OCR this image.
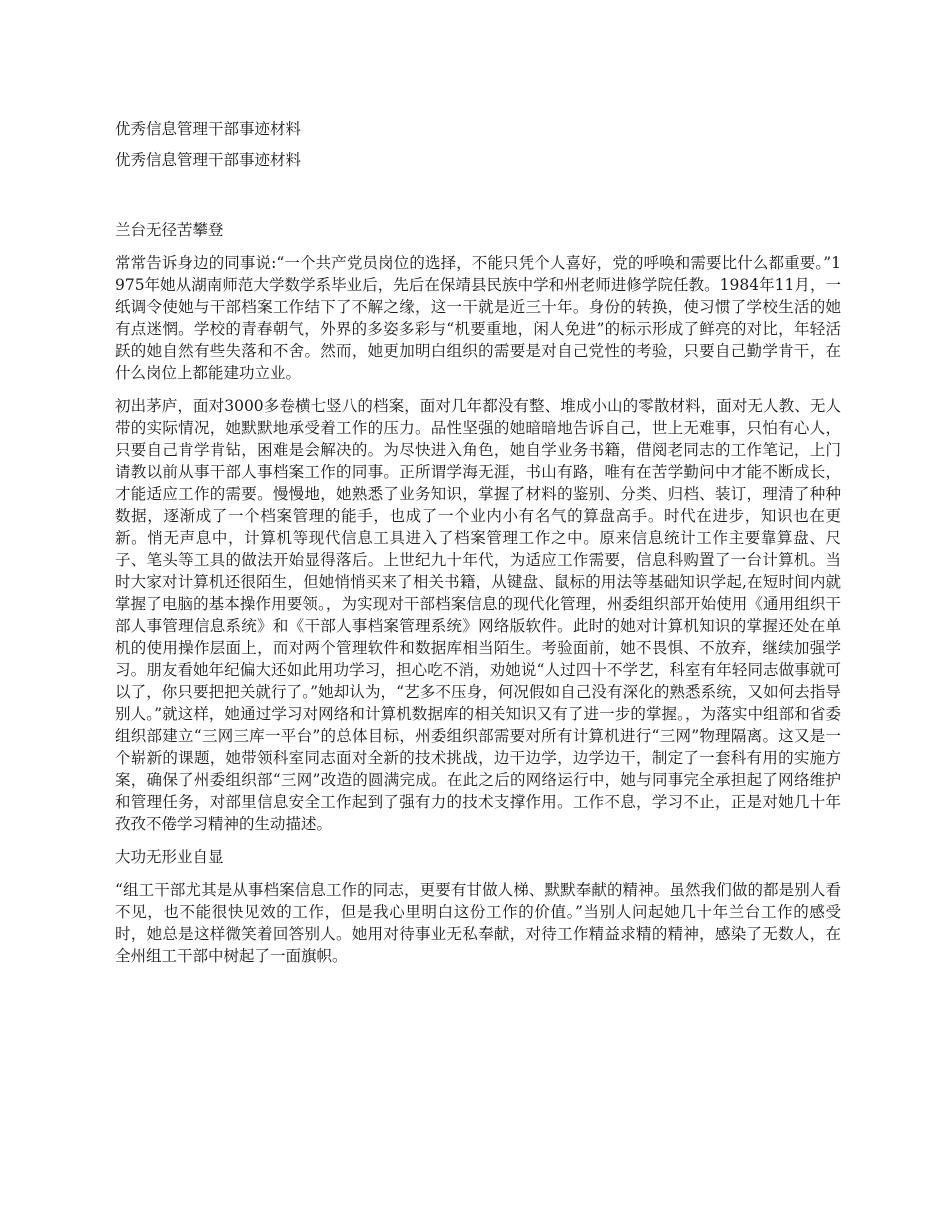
优秀信息管理干部事迹材料
优秀信息管理干部事迹材料
兰台无径苦攀登

常常告诉身边的同事说:“一个共产党员岗位的选择，不能只凭个人喜好，党的呼唤和需要比什么都重要。”1975年她从湖南师范大学数学系毕业后，先后在保靖县民族中学和州老师进修学院任教。1984年11月，一纸调令使她与干部档案工作结下了不解之缘，这一干就是近三十年。身份的转换，使习惯了学校生活的她有点迷惘。学校的青春朝气，外界的多姿多彩与“机要重地，闲人免进”的标示形成了鲜亮的对比，年轻活跃的她自然有些失落和不舍。然而，她更加明白组织的需要是对自己党性的考验，只要自己勤学肯干，在什么岗位上都能建功立业。

初出茅庐，面对3000多卷横七竖八的档案，面对几年都没有整、堆成小山的零散材料，面对无人教、无人带的实际情况，她默默地承受着工作的压力。品性坚强的她暗暗地告诉自己，世上无难事，只怕有心人，只要自己肯学肯钻，困难是会解决的。为尽快进入角色，她自学业务书籍，借阅老同志的工作笔记，上门请教以前从事干部人事档案工作的同事。正所谓学海无涯，书山有路，唯有在苦学勤问中才能不断成长，才能适应工作的需要。慢慢地，她熟悉了业务知识，掌握了材料的鉴别、分类、归档、装订，理清了种种数据，逐渐成了一个档案管理的能手，也成了一个业内小有名气的算盘高手。时代在进步，知识也在更新。悄无声息中，计算机等现代信息工具进入了档案管理工作之中。原来信息统计工作主要靠算盘、尺子、笔头等工具的做法开始显得落后。上世纪九十年代，为适应工作需要，信息科购置了一台计算机。当时大家对计算机还很陌生，但她悄悄买来了相关书籍，从键盘、鼠标的用法等基础知识学起,在短时间内就掌握了电脑的基本操作用要领。，为实现对干部档案信息的现代化管理，州委组织部开始使用《通用组织干部人事管理信息系统》和《干部人事档案管理系统》网络版软件。此时的她对计算机知识的掌握还处在单机的使用操作层面上，而对两个管理软件和数据库相当陌生。考验面前，她不畏惧、不放弃，继续加强学习。朋友看她年纪偏大还如此用功学习，担心吃不消，劝她说“人过四十不学艺，科室有年轻同志做事就可以了，你只要把把关就行了。”她却认为，“艺多不压身，何况假如自己没有深化的熟悉系统，又如何去指导别人。”就这样，她通过学习对网络和计算机数据库的相关知识又有了进一步的掌握。，为落实中组部和省委组织部建立“三网三库一平台”的总体目标，州委组织部需要对所有计算机进行“三网”物理隔离。这又是一个崭新的课题，她带领科室同志面对全新的技术挑战，边干边学，边学边干，制定了一套科有用的实施方案，确保了州委组织部“三网”改造的圆满完成。在此之后的网络运行中，她与同事完全承担起了网络维护和管理任务，对部里信息安全工作起到了强有力的技术支撑作用。工作不息，学习不止，正是对她几十年孜孜不倦学习精神的生动描述。

大功无形业自显

“组工干部尤其是从事档案信息工作的同志，更要有甘做人梯、默默奉献的精神。虽然我们做的都是别人看不见，也不能很快见效的工作，但是我心里明白这份工作的价值。”当别人问起她几十年兰台工作的感受时，她总是这样微笑着回答别人。她用对待事业无私奉献，对待工作精益求精的精神，感染了无数人，在全州组工干部中树起了一面旗帜。
